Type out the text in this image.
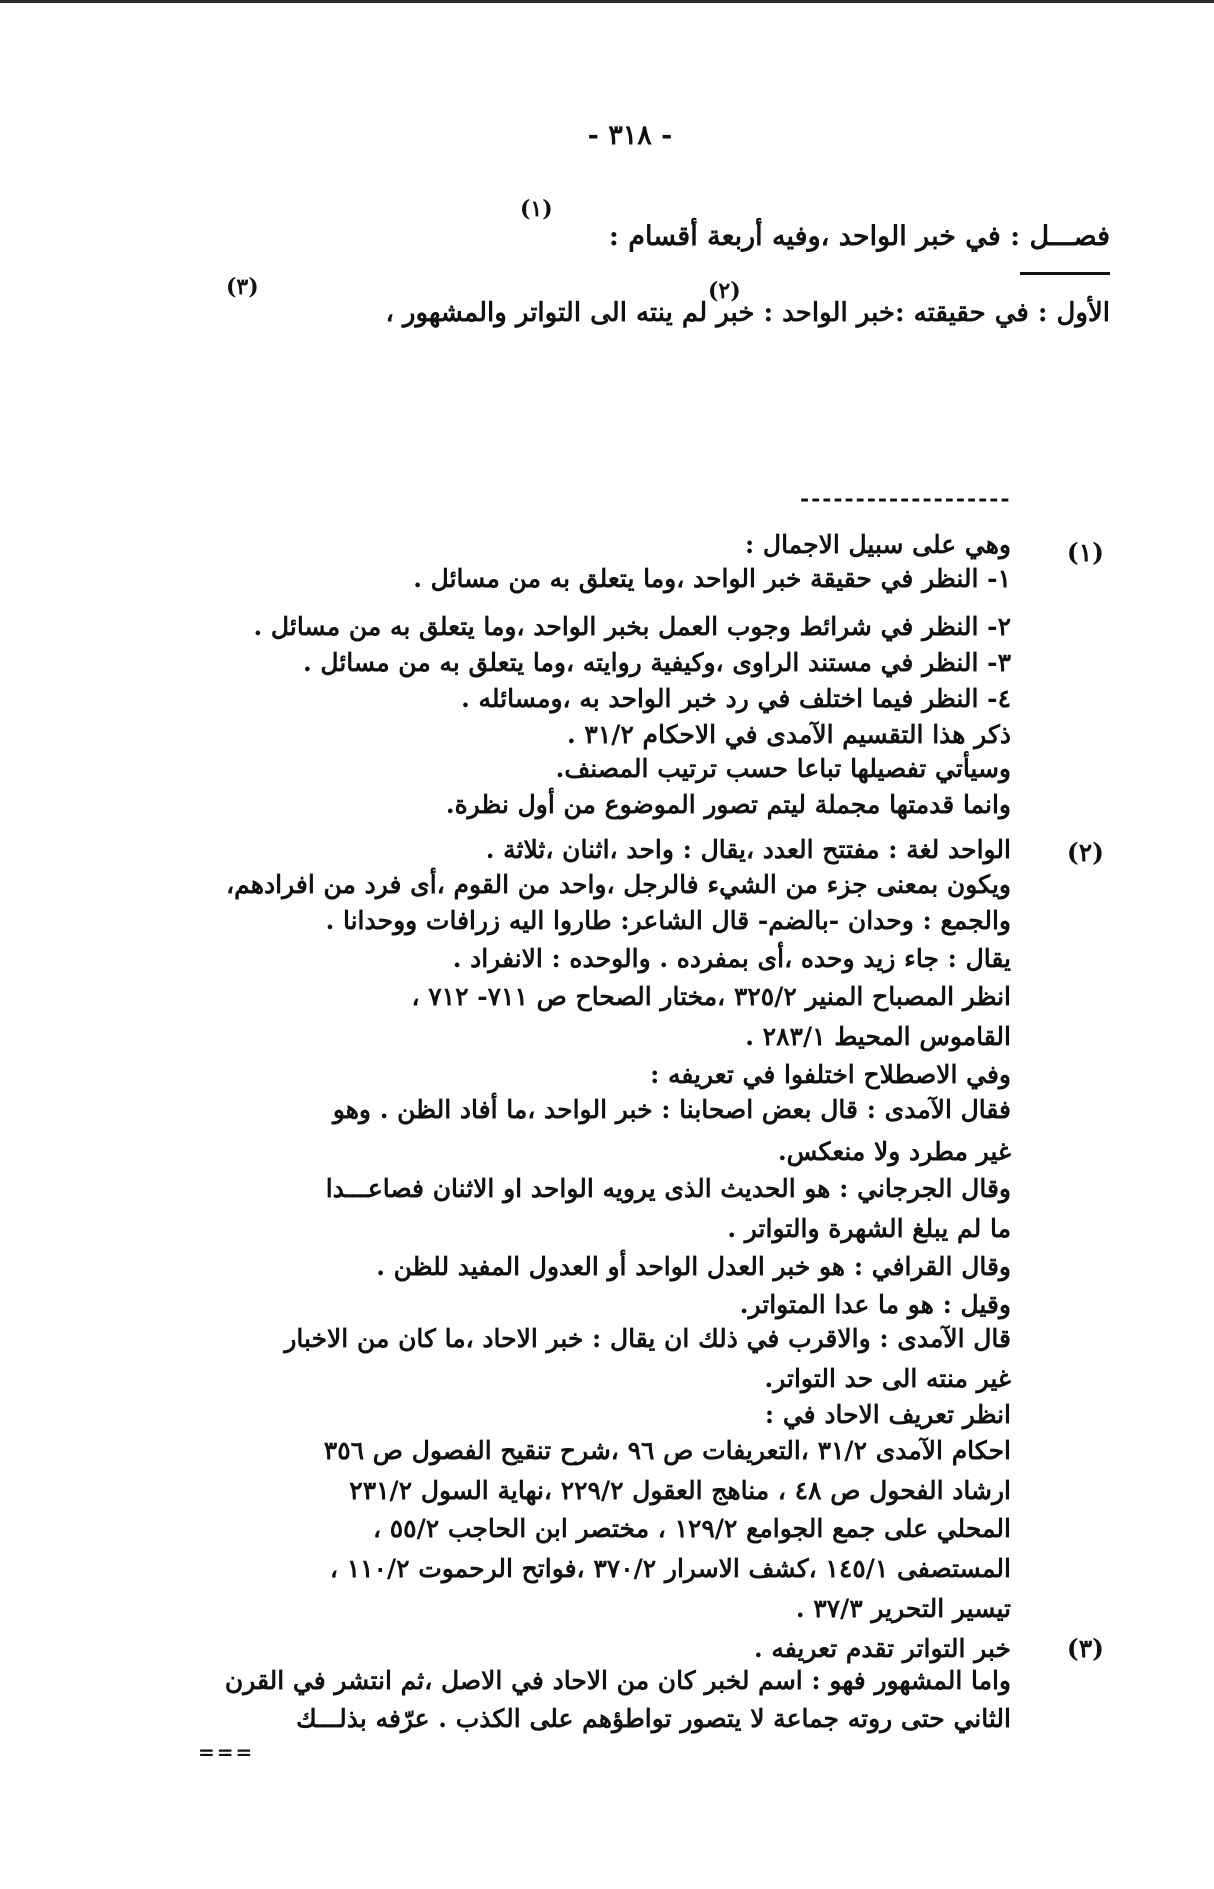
- ٣١٨ -
فصـــل : في خبر الواحد ،وفيه أربعة أقسام :
(١)
الأول : في حقيقته :خبر الواحد : خبر لم ينته الى التواتر والمشهور ،
(٢)
(٣)
-------------------
(١)
(٢)
(٣)
وهي على سبيل الاجمال :
١- النظر في حقيقة خبر الواحد ،وما يتعلق به من مسائل .
٢- النظر في شرائط وجوب العمل بخبر الواحد ،وما يتعلق به من مسائل .
٣- النظر في مستند الراوى ،وكيفية روايته ،وما يتعلق به من مسائل .
٤- النظر فيما اختلف في رد خبر الواحد به ،ومسائله .
ذكر هذا التقسيم الآمدى في الاحكام ٣١/٢ .
وسيأتي تفصيلها تباعا حسب ترتيب المصنف.
وانما قدمتها مجملة ليتم تصور الموضوع من أول نظرة.
الواحد لغة : مفتتح العدد ،يقال : واحد ،اثنان ،ثلاثة .
ويكون بمعنى جزء من الشيء فالرجل ،واحد من القوم ،أى فرد من افرادهم،
والجمع : وحدان -بالضم- قال الشاعر: طاروا اليه زرافات ووحدانا .
يقال : جاء زيد وحده ،أى بمفرده . والوحده : الانفراد .
انظر المصباح المنير ٣٢٥/٢ ،مختار الصحاح ص ٧١١- ٧١٢ ،
القاموس المحيط ٢٨٣/١ .
وفي الاصطلاح اختلفوا في تعريفه :
فقال الآمدى : قال بعض اصحابنا : خبر الواحد ،ما أفاد الظن . وهو
غير مطرد ولا منعكس.
وقال الجرجاني : هو الحديث الذى يرويه الواحد او الاثنان فصاعـــدا
ما لم يبلغ الشهرة والتواتر .
وقال القرافي : هو خبر العدل الواحد أو العدول المفيد للظن .
وقيل : هو ما عدا المتواتر.
قال الآمدى : والاقرب في ذلك ان يقال : خبر الاحاد ،ما كان من الاخبار
غير منته الى حد التواتر.
انظر تعريف الاحاد في :
احكام الآمدى ٣١/٢ ،التعريفات ص ٩٦ ،شرح تنقيح الفصول ص ٣٥٦
ارشاد الفحول ص ٤٨ ، مناهج العقول ٢٢٩/٢ ،نهاية السول ٢٣١/٢
المحلي على جمع الجوامع ١٢٩/٢ ، مختصر ابن الحاجب ٥٥/٢ ،
المستصفى ١٤٥/١ ،كشف الاسرار ٣٧٠/٢ ،فواتح الرحموت ١١٠/٢ ،
تيسير التحرير ٣٧/٣ .
خبر التواتر تقدم تعريفه .
واما المشهور فهو : اسم لخبر كان من الاحاد في الاصل ،ثم انتشر في القرن
الثاني حتى روته جماعة لا يتصور تواطؤهم على الكذب . عرّفه بذلـــك
===
